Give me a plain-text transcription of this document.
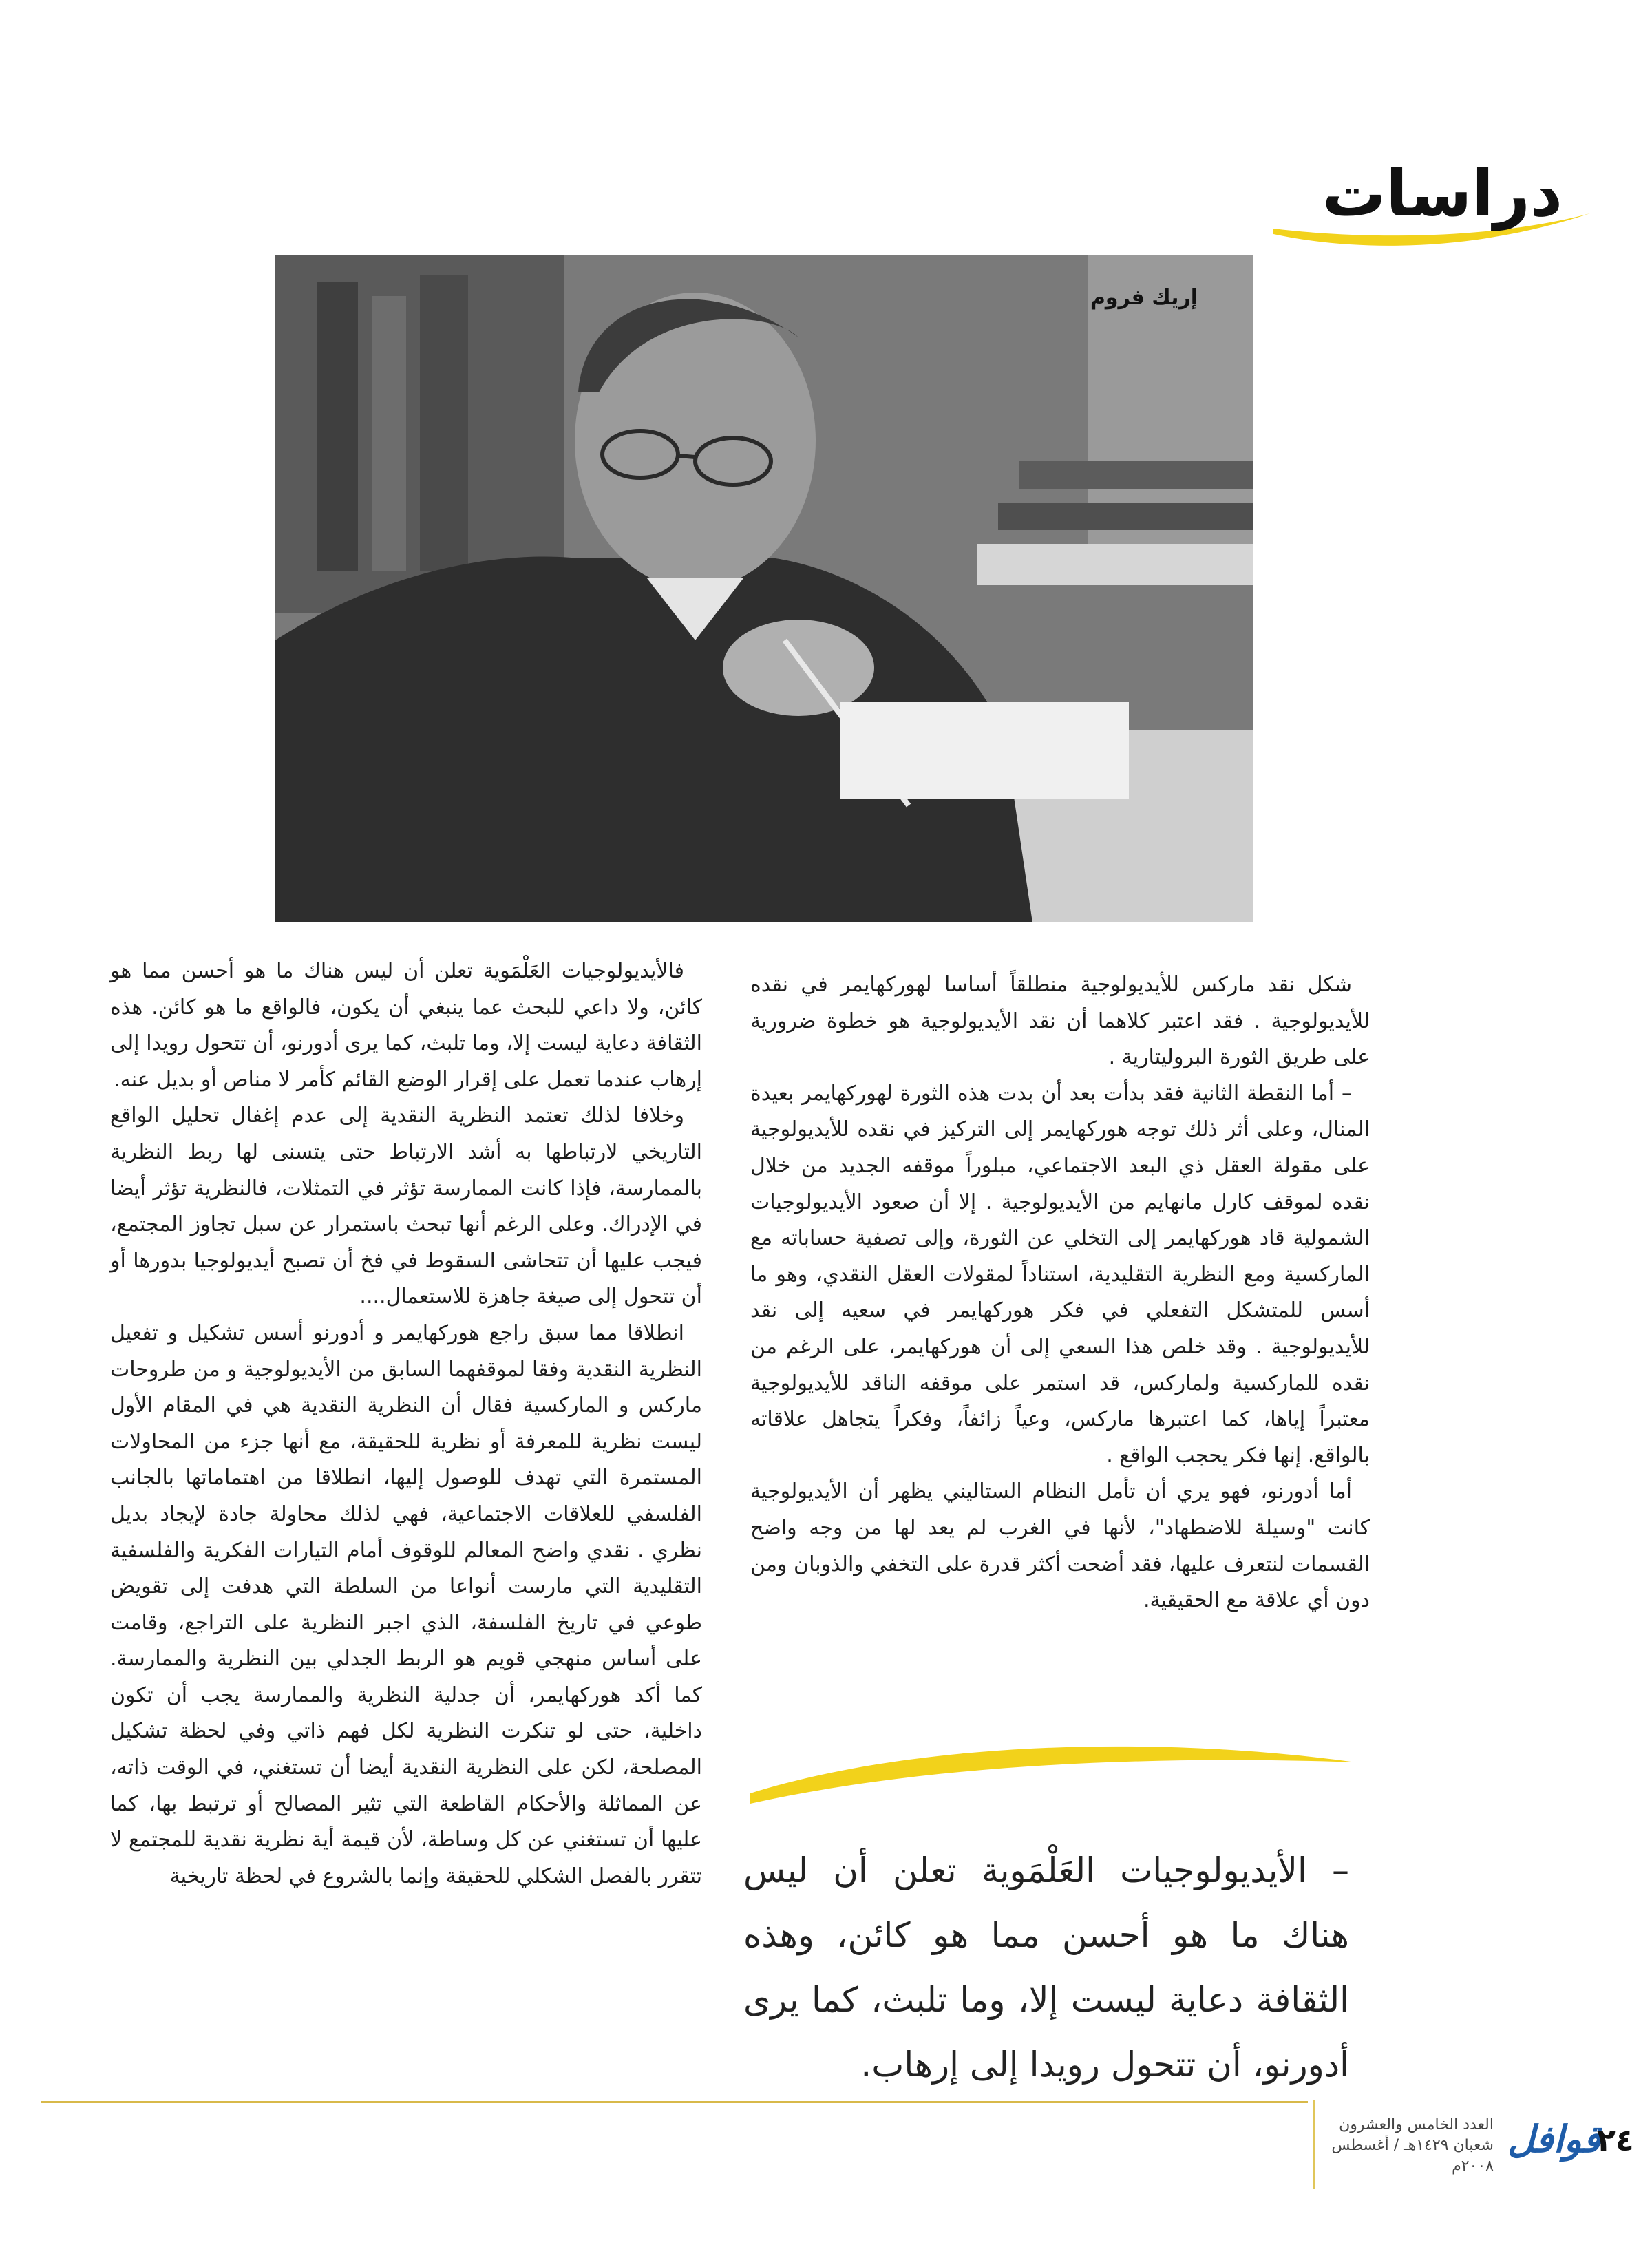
دراسات
إريك فروم

شكل نقد ماركس للأيديولوجية منطلقاً أساسا لهوركهايمر في نقده للأيديولوجية . فقد اعتبر كلاهما أن نقد الأيديولوجية هو خطوة ضرورية على طريق الثورة البروليتارية .

– أما النقطة الثانية فقد بدأت بعد أن بدت هذه الثورة لهوركهايمر بعيدة المنال، وعلى أثر ذلك توجه هوركهايمر إلى التركيز في نقده للأيديولوجية على مقولة العقل ذي البعد الاجتماعي، مبلوراً موقفه الجديد من خلال نقده لموقف كارل مانهايم من الأيديولوجية . إلا أن صعود الأيديولوجيات الشمولية قاد هوركهايمر إلى التخلي عن الثورة، وإلى تصفية حساباته مع الماركسية ومع النظرية التقليدية، استناداً لمقولات العقل النقدي، وهو ما أسس للمتشكل التفعلي في فكر هوركهايمر في سعيه إلى نقد للأيديولوجية . وقد خلص هذا السعي إلى أن هوركهايمر، على الرغم من نقده للماركسية ولماركس، قد استمر على موقفه الناقد للأيديولوجية معتبراً إياها، كما اعتبرها ماركس، وعياً زائفاً، وفكراً يتجاهل علاقاته بالواقع. إنها فكر يحجب الواقع .

أما أدورنو، فهو يري أن تأمل النظام الستاليني يظهر أن الأيديولوجية كانت "وسيلة للاضطهاد"، لأنها في الغرب لم يعد لها من وجه واضح القسمات لنتعرف عليها، فقد أضحت أكثر قدرة على التخفي والذوبان ومن دون أي علاقة مع الحقيقية.

فالأيديولوجيات العَلْمَوية تعلن أن ليس هناك ما هو أحسن مما هو كائن، ولا داعي للبحث عما ينبغي أن يكون، فالواقع ما هو كائن. هذه الثقافة دعاية ليست إلا، وما تلبث، كما يرى أدورنو، أن تتحول رويدا إلى إرهاب عندما تعمل على إقرار الوضع القائم كأمر لا مناص أو بديل عنه.

وخلافا لذلك تعتمد النظرية النقدية إلى عدم إغفال تحليل الواقع التاريخي لارتباطها به أشد الارتباط حتى يتسنى لها ربط النظرية بالممارسة، فإذا كانت الممارسة تؤثر في التمثلات، فالنظرية تؤثر أيضا في الإدراك. وعلى الرغم أنها تبحث باستمرار عن سبل تجاوز المجتمع، فيجب عليها أن تتحاشى السقوط في فخ أن تصبح أيديولوجيا بدورها أو أن تتحول إلى صيغة جاهزة للاستعمال....

انطلاقا مما سبق راجع هوركهايمر و أدورنو أسس تشكيل و تفعيل النظرية النقدية وفقا لموقفهما السابق من الأيديولوجية و من طروحات ماركس و الماركسية فقال أن النظرية النقدية هي في المقام الأول ليست نظرية للمعرفة أو نظرية للحقيقة، مع أنها جزء من المحاولات المستمرة التي تهدف للوصول إليها، انطلاقا من اهتماماتها بالجانب الفلسفي للعلاقات الاجتماعية، فهي لذلك محاولة جادة لإيجاد بديل نظري . نقدي واضح المعالم للوقوف أمام التيارات الفكرية والفلسفية التقليدية التي مارست أنواعا من السلطة التي هدفت إلى تقويض طوعي في تاريخ الفلسفة، الذي اجبر النظرية على التراجع، وقامت على أساس منهجي قويم هو الربط الجدلي بين النظرية والممارسة. كما أكد هوركهايمر، أن جدلية النظرية والممارسة يجب أن تكون داخلية، حتى لو تنكرت النظرية لكل فهم ذاتي وفي لحظة تشكيل المصلحة، لكن على النظرية النقدية أيضا أن تستغني، في الوقت ذاته، عن المماثلة والأحكام القاطعة التي تثير المصالح أو ترتبط بها، كما عليها أن تستغني عن كل وساطة، لأن قيمة أية نظرية نقدية للمجتمع لا تتقرر بالفصل الشكلي للحقيقة وإنما بالشروع في لحظة تاريخية – الأيديولوجيات العَلْمَوية تعلن أن ليس هناك ما هو أحسن مما هو كائن، وهذه الثقافة دعاية ليست إلا، وما تلبث، كما يرى أدورنو، أن تتحول رويدا إلى إرهاب.
العدد الخامس والعشرون
شعبان ١٤٢٩هـ / أغسطس ٢٠٠٨م
قوافل
٢٤
